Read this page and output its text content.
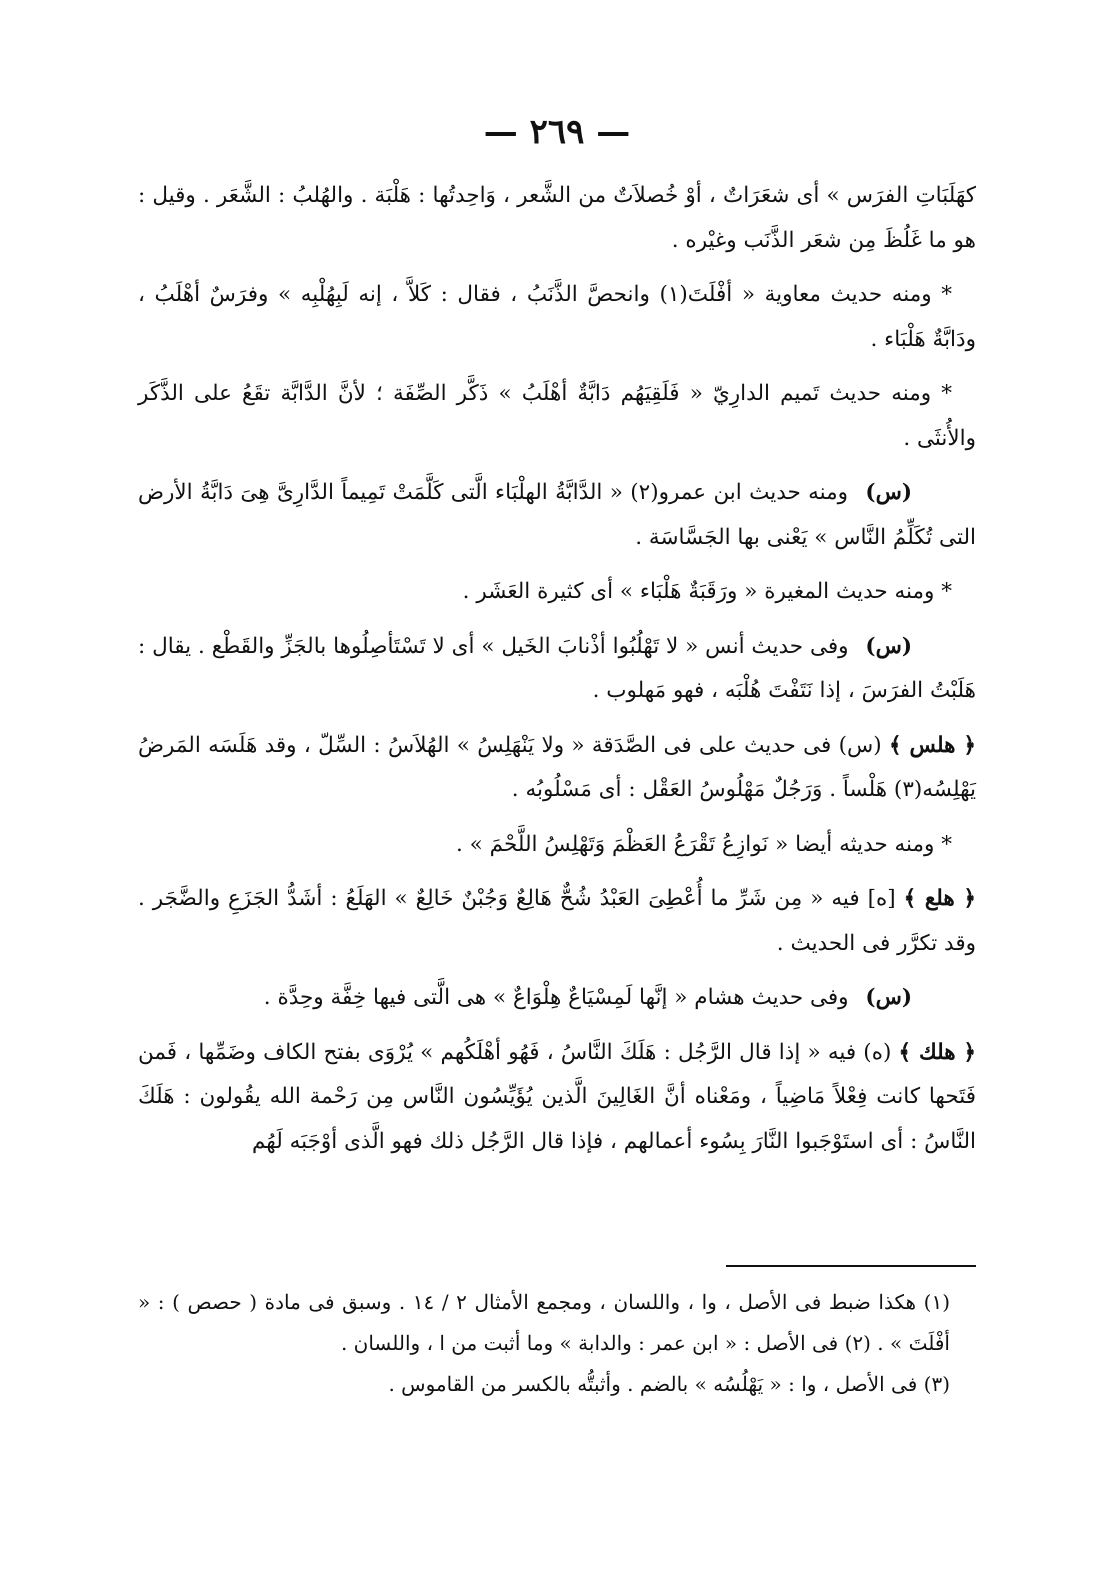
— ٢٦٩ —

كهَلَبَاتِ الفرَس » أى شعَرَاتٌ ، أوْ خُصلاَتٌ من الشَّعر ، وَاحِدتُها : هَلْبَة . والهُلبُ : الشَّعَر . وقيل : هو ما غَلُظَ مِن شعَر الذَّنَب وغيْره .

* ومنه حديث معاوية « أفْلَتَ(١) وانحصَّ الذَّنَبُ ، فقال : كَلاَّ ، إنه لَبِهُلْبِه » وفرَسٌ أهْلَبُ ، ودَابَّةٌ هَلْبَاء .

* ومنه حديث تَميم الدارِيّ « فَلَقِيَهُم دَابَّةٌ أهْلَبُ » ذَكَّر الصِّفَة ؛ لأنَّ الدَّابَّة تقَعُ على الذَّكَر والأُنثَى .

(س) ومنه حديث ابن عمرو(٢) « الدَّابَّةُ الهلْبَاء الَّتى كَلَّمَتْ تَمِيماً الدَّارِىَّ هِىَ دَابَّةُ الأرض التى تُكَلِّمُ النَّاس » يَعْنى بها الجَسَّاسَة .

* ومنه حديث المغيرة « ورَقَبَةٌ هَلْبَاء » أى كثيرة العَشَر .

(س) وفى حديث أنس « لا تَهْلُبُوا أذْنابَ الخَيل » أى لا تَسْتَأصِلُوها بالجَزِّ والقَطْع . يقال : هَلَبْتُ الفرَسَ ، إذا نَتَفْتَ هُلْبَه ، فهو مَهلوب .

﴿ هلس ﴾ (س) فى حديث على فى الصَّدَقة « ولا يَنْهَلِسُ » الهُلاَسُ : السِّلّ ، وقد هَلَسَه المَرضُ يَهْلِسُه(٣) هَلْساً . وَرَجُلٌ مَهْلُوسُ العَقْل : أى مَسْلُوبُه .

* ومنه حديثه أيضا « نَوازِعُ تَقْرَعُ العَظْمَ وَتَهْلِسُ اللَّحْمَ » .

﴿ هلع ﴾ [ه] فيه « مِن شَرِّ ما أُعْطِىَ العَبْدُ شُحٌّ هَالِعٌ وَجُبْنٌ خَالِعٌ » الهَلَعُ : أشَدُّ الجَزَعِ والضَّجَر . وقد تكرَّر فى الحديث .

(س) وفى حديث هشام « إنَّها لَمِسْيَاعٌ هِلْوَاعٌ » هى الَّتى فيها خِفَّة وحِدَّة .

﴿ هلك ﴾ (ه) فيه « إذا قال الرَّجُل : هَلَكَ النَّاسُ ، فَهُو أهْلَكُهم » يُرْوَى بفتح الكاف وضَمِّها ، فَمن فَتَحها كانت فِعْلاً مَاضِياً ، ومَعْناه أنَّ الغَالِينَ الَّذين يُؤَيِّسُون النَّاس مِن رَحْمة الله يقُولون : هَلَكَ النَّاسُ : أى استَوْجَبوا النَّارَ بِسُوء أعمالهم ، فإذا قال الرَّجُل ذلك فهو الَّذى أوْجَبَه لَهُم

(١) هكذا ضبط فى الأصل ، وا ، واللسان ، ومجمع الأمثال ٢ / ١٤ . وسبق فى مادة ( حصص ) : « أفْلَتَ » . (٢) فى الأصل : « ابن عمر : والدابة » وما أثبت من ا ، واللسان .

(٣) فى الأصل ، وا : « يَهْلُسُه » بالضم . وأثبتُّه بالكسر من القاموس .
